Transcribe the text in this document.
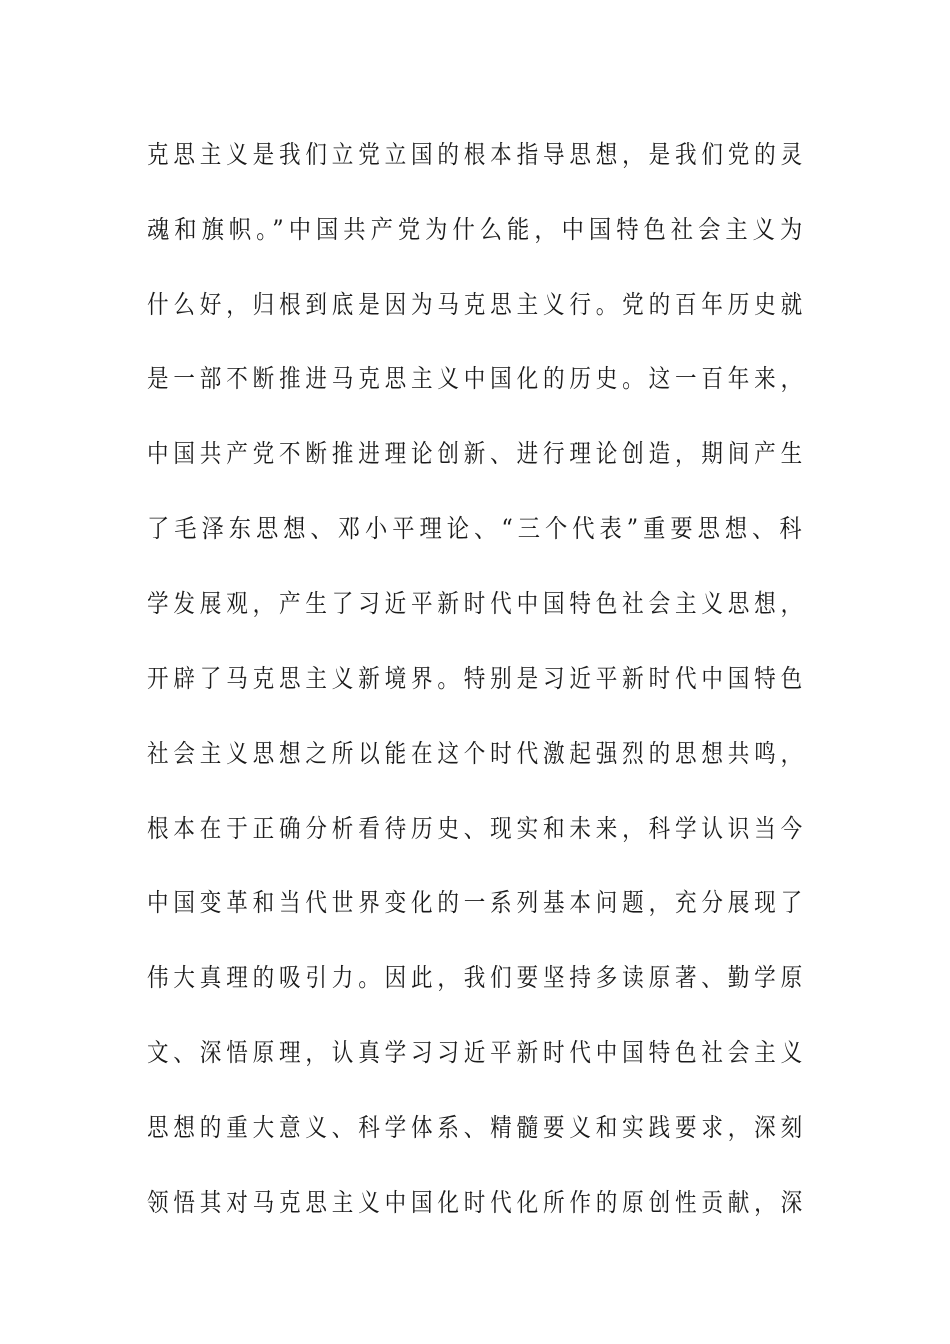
克思主义是我们立党立国的根本指导思想，是我们党的灵
魂和旗帜。”中国共产党为什么能，中国特色社会主义为
什么好，归根到底是因为马克思主义行。党的百年历史就
是一部不断推进马克思主义中国化的历史。这一百年来，
中国共产党不断推进理论创新、进行理论创造，期间产生
了毛泽东思想、邓小平理论、“三个代表”重要思想、科
学发展观，产生了习近平新时代中国特色社会主义思想，
开辟了马克思主义新境界。特别是习近平新时代中国特色
社会主义思想之所以能在这个时代激起强烈的思想共鸣，
根本在于正确分析看待历史、现实和未来，科学认识当今
中国变革和当代世界变化的一系列基本问题，充分展现了
伟大真理的吸引力。因此，我们要坚持多读原著、勤学原
文、深悟原理，认真学习习近平新时代中国特色社会主义
思想的重大意义、科学体系、精髓要义和实践要求，深刻
领悟其对马克思主义中国化时代化所作的原创性贡献，深
